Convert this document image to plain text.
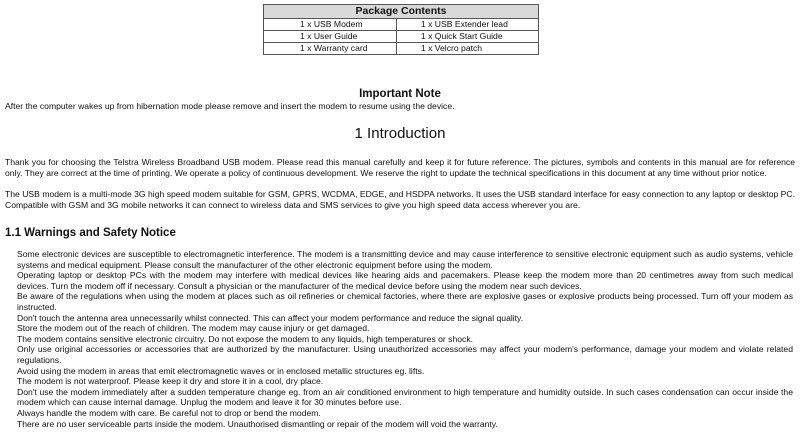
Package Contents	
1 x USB Modem	1 x USB Extender lead
1 x User Guide	1 x Quick Start Guide
1 x Warranty card	1 x Velcro patch
Important Note
After the computer wakes up from hibernation mode please remove and insert the modem to resume using the device.
1 Introduction

Thank you for choosing the Telstra Wireless Broadband USB modem. Please read this manual carefully and keep it for future reference. The pictures, symbols and contents in this manual are for reference only. They are correct at the time of printing. We operate a policy of continuous development. We reserve the right to update the technical specifications in this document at any time without prior notice.

The USB modem is a multi-mode 3G high speed modem suitable for GSM, GPRS, WCDMA, EDGE, and HSDPA networks. It uses the USB standard interface for easy connection to any laptop or desktop PC. Compatible with GSM and 3G mobile networks it can connect to wireless data and SMS services to give you high speed data access wherever you are.

1.1 Warnings and Safety Notice
Some electronic devices are susceptible to electromagnetic interference. The modem is a transmitting device and may cause interference to sensitive electronic equipment such as audio systems, vehicle systems and medical equipment. Please consult the manufacturer of the other electronic equipment before using the modem.
Operating laptop or desktop PCs with the modem may interfere with medical devices like hearing aids and pacemakers. Please keep the modem more than 20 centimetres away from such medical devices. Turn the modem off if necessary. Consult a physician or the manufacturer of the medical device before using the modem near such devices.
Be aware of the regulations when using the modem at places such as oil refineries or chemical factories, where there are explosive gases or explosive products being processed. Turn off your modem as instructed.
Don't touch the antenna area unnecessarily whilst connected. This can affect your modem performance and reduce the signal quality.
Store the modem out of the reach of children. The modem may cause injury or get damaged.
The modem contains sensitive electronic circuitry. Do not expose the modem to any liquids, high temperatures or shock.
Only use original accessories or accessories that are authorized by the manufacturer. Using unauthorized accessories may affect your modem's performance, damage your modem and violate related regulations.
Avoid using the modem in areas that emit electromagnetic waves or in enclosed metallic structures eg. lifts.
The modem is not waterproof. Please keep it dry and store it in a cool, dry place.
Don't use the modem immediately after a sudden temperature change eg. from an air conditioned environment to high temperature and humidity outside. In such cases condensation can occur inside the modem which can cause internal damage. Unplug the modem and leave it for 30 minutes before use.
Always handle the modem with care. Be careful not to drop or bend the modem.
There are no user serviceable parts inside the modem. Unauthorised dismantling or repair of the modem will void the warranty.
